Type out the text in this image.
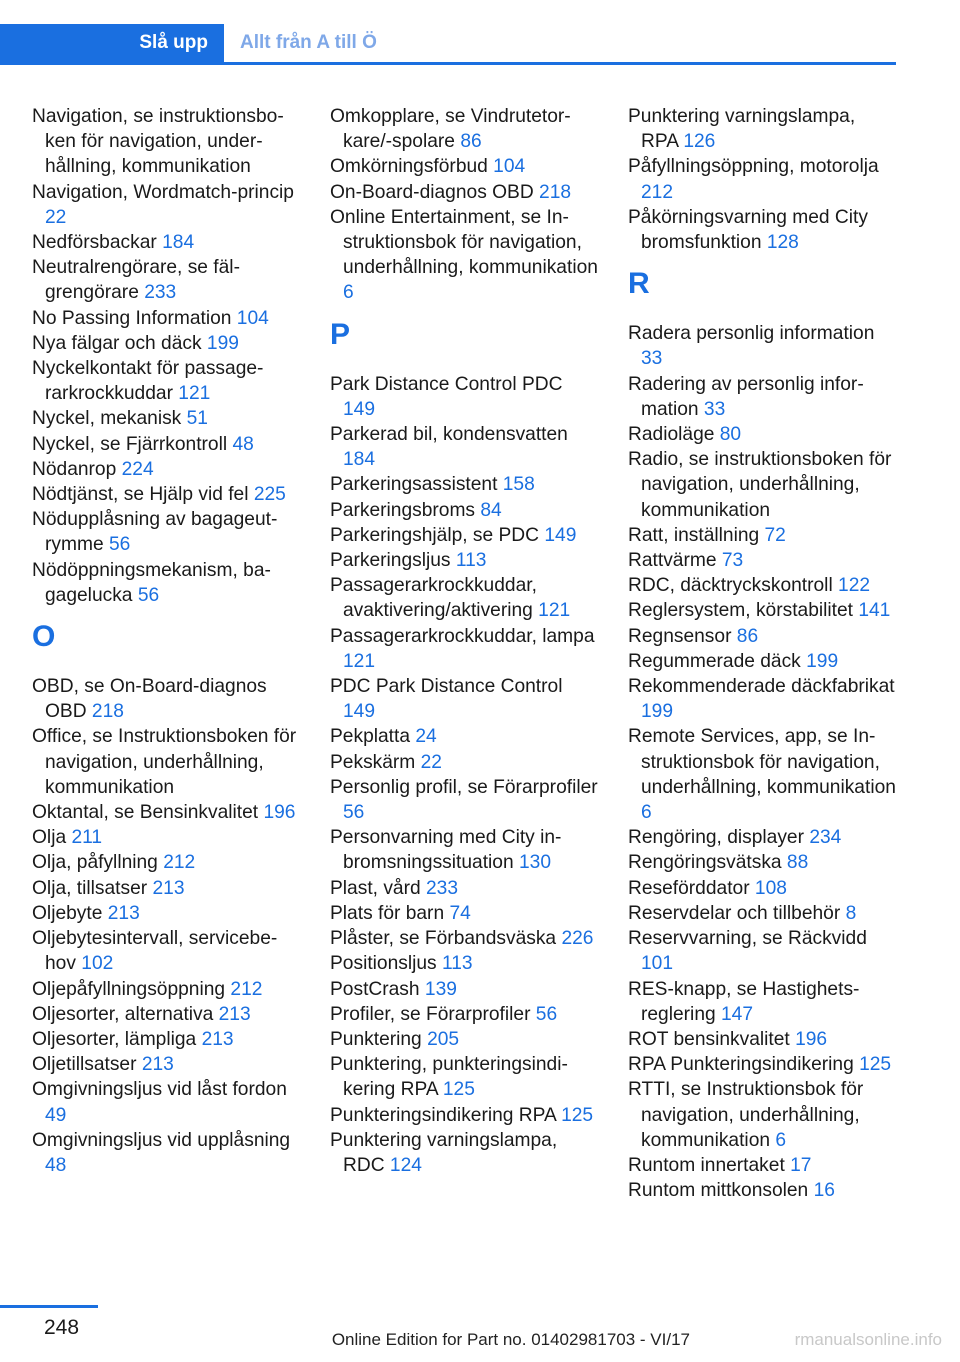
Slå upp	Allt från A till Ö
Navigation, se instruktionsboken för navigation, underhållning, kommunikation
Navigation, Wordmatch-princip 22
Nedförsbackar 184
Neutralrengörare, se fälgrengörare 233
No Passing Information 104
Nya fälgar och däck 199
Nyckelkontakt för passagerarkrockkuddar 121
Nyckel, mekanisk 51
Nyckel, se Fjärrkontroll 48
Nödanrop 224
Nödtjänst, se Hjälp vid fel 225
Nödupplåsning av bagageutrymme 56
Nödöppningsmekanism, bagagelucka 56
O
OBD, se On-Board-diagnos OBD 218
Office, se Instruktionsboken för navigation, underhållning, kommunikation
Oktantal, se Bensinkvalitet 196
Olja 211
Olja, påfyllning 212
Olja, tillsatser 213
Oljebyte 213
Oljebytesintervall, servicebehov 102
Oljepåfyllningsöppning 212
Oljesorter, alternativa 213
Oljesorter, lämpliga 213
Oljetillsatser 213
Omgivningsljus vid låst fordon 49
Omgivningsljus vid upplåsning 48
Omkopplare, se Vindrutetorkare/-spolare 86
Omkörningsförbud 104
On-Board-diagnos OBD 218
Online Entertainment, se Instruktionsbok för navigation, underhållning, kommunikation 6
P
Park Distance Control PDC 149
Parkerad bil, kondensvatten 184
Parkeringsassistent 158
Parkeringsbroms 84
Parkeringshjälp, se PDC 149
Parkeringsljus 113
Passagerarkrockkuddar, avaktivering/aktivering 121
Passagerarkrockkuddar, lampa 121
PDC Park Distance Control 149
Pekplatta 24
Pekskärm 22
Personlig profil, se Förarprofiler 56
Personvarning med City inbromsningssituation 130
Plast, vård 233
Plats för barn 74
Plåster, se Förbandsväska 226
Positionsljus 113
PostCrash 139
Profiler, se Förarprofiler 56
Punktering 205
Punktering, punkteringsindikering RPA 125
Punkteringsindikering RPA 125
Punktering varningslampa, RDC 124
Punktering varningslampa, RPA 126
Påfyllningsöppning, motorolja 212
Påkörningsvarning med City bromsfunktion 128
R
Radera personlig information 33
Radering av personlig information 33
Radioläge 80
Radio, se instruktionsboken för navigation, underhållning, kommunikation
Ratt, inställning 72
Rattvärme 73
RDC, däcktryckskontroll 122
Reglersystem, körstabilitet 141
Regnsensor 86
Regummerade däck 199
Rekommenderade däckfabrikat 199
Remote Services, app, se Instruktionsbok för navigation, underhållning, kommunikation 6
Rengöring, displayer 234
Rengöringsvätska 88
Reseförddator 108
Reservdelar och tillbehör 8
Reservvarning, se Räckvidd 101
RES-knapp, se Hastighetsreglering 147
ROT bensinkvalitet 196
RPA Punkteringsindikering 125
RTTI, se Instruktionsbok för navigation, underhållning, kommunikation 6
Runtom innertaket 17
Runtom mittkonsolen 16
248
Online Edition for Part no. 01402981703 - VI/17	rmanualsonline.info
